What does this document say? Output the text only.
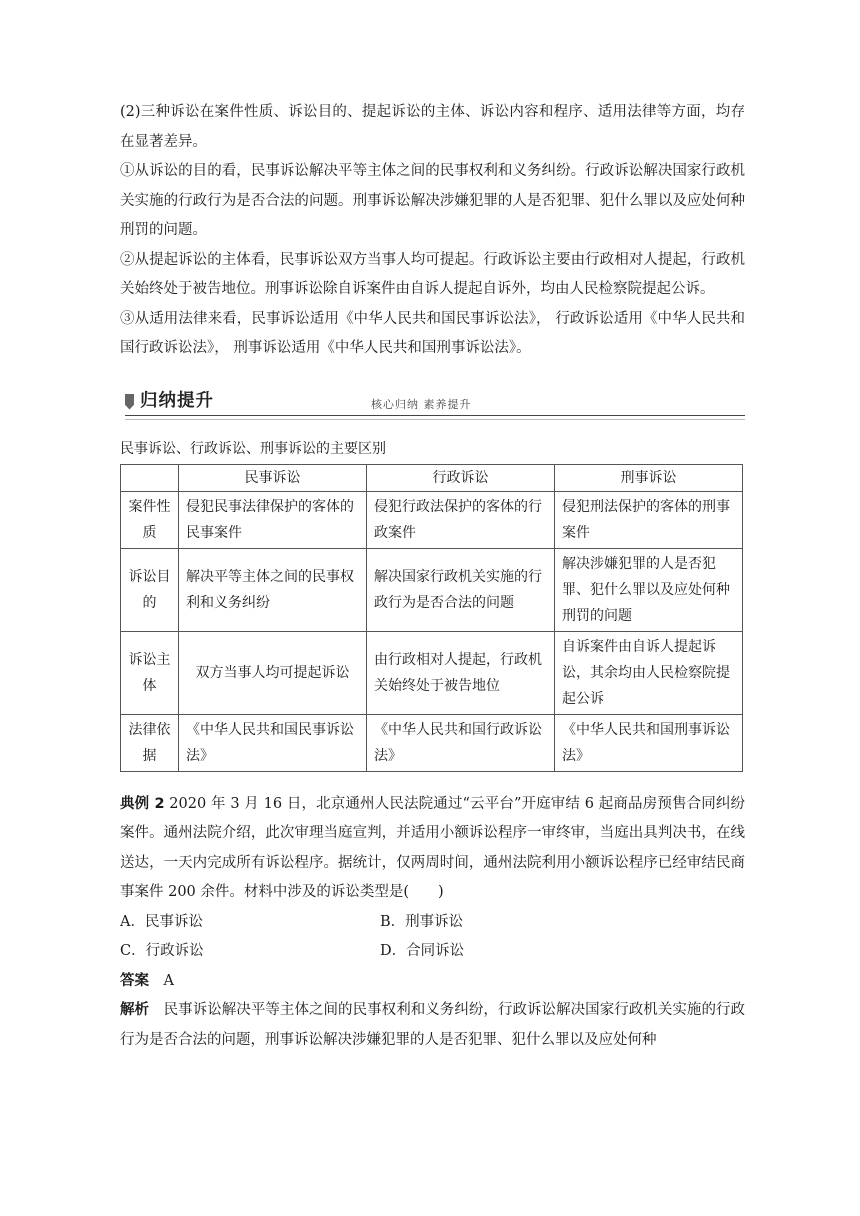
(2)三种诉讼在案件性质、诉讼目的、提起诉讼的主体、诉讼内容和程序、适用法律等方面，均存在显著差异。

①从诉讼的目的看，民事诉讼解决平等主体之间的民事权利和义务纠纷。行政诉讼解决国家行政机关实施的行政行为是否合法的问题。刑事诉讼解决涉嫌犯罪的人是否犯罪、犯什么罪以及应处何种刑罚的问题。

②从提起诉讼的主体看，民事诉讼双方当事人均可提起。行政诉讼主要由行政相对人提起，行政机关始终处于被告地位。刑事诉讼除自诉案件由自诉人提起自诉外，均由人民检察院提起公诉。

③从适用法律来看，民事诉讼适用《中华人民共和国民事诉讼法》， 行政诉讼适用《中华人民共和国行政诉讼法》， 刑事诉讼适用《中华人民共和国刑事诉讼法》。

归纳提升	核心归纳 素养提升
民事诉讼、行政诉讼、刑事诉讼的主要区别
	民事诉讼	行政诉讼	刑事诉讼
案件性质	侵犯民事法律保护的客体的民事案件	侵犯行政法保护的客体的行政案件	侵犯刑法保护的客体的刑事案件
诉讼目的	解决平等主体之间的民事权利和义务纠纷	解决国家行政机关实施的行政行为是否合法的问题	解决涉嫌犯罪的人是否犯罪、犯什么罪以及应处何种刑罚的问题
诉讼主体	双方当事人均可提起诉讼	由行政相对人提起，行政机关始终处于被告地位	自诉案件由自诉人提起诉讼，其余均由人民检察院提起公诉
法律依据	《中华人民共和国民事诉讼法》	《中华人民共和国行政诉讼法》	《中华人民共和国刑事诉讼法》

典例 2 2020 年 3 月 16 日，北京通州人民法院通过“云平台”开庭审结 6 起商品房预售合同纠纷案件。通州法院介绍，此次审理当庭宣判，并适用小额诉讼程序一审终审，当庭出具判决书，在线送达，一天内完成所有诉讼程序。据统计，仅两周时间，通州法院利用小额诉讼程序已经审结民商事案件 200 余件。材料中涉及的诉讼类型是(　　)

A．民事诉讼	B．刑事诉讼
C．行政诉讼	D．合同诉讼

答案　 A

解析　 民事诉讼解决平等主体之间的民事权利和义务纠纷，行政诉讼解决国家行政机关实施的行政行为是否合法的问题，刑事诉讼解决涉嫌犯罪的人是否犯罪、犯什么罪以及应处何种
